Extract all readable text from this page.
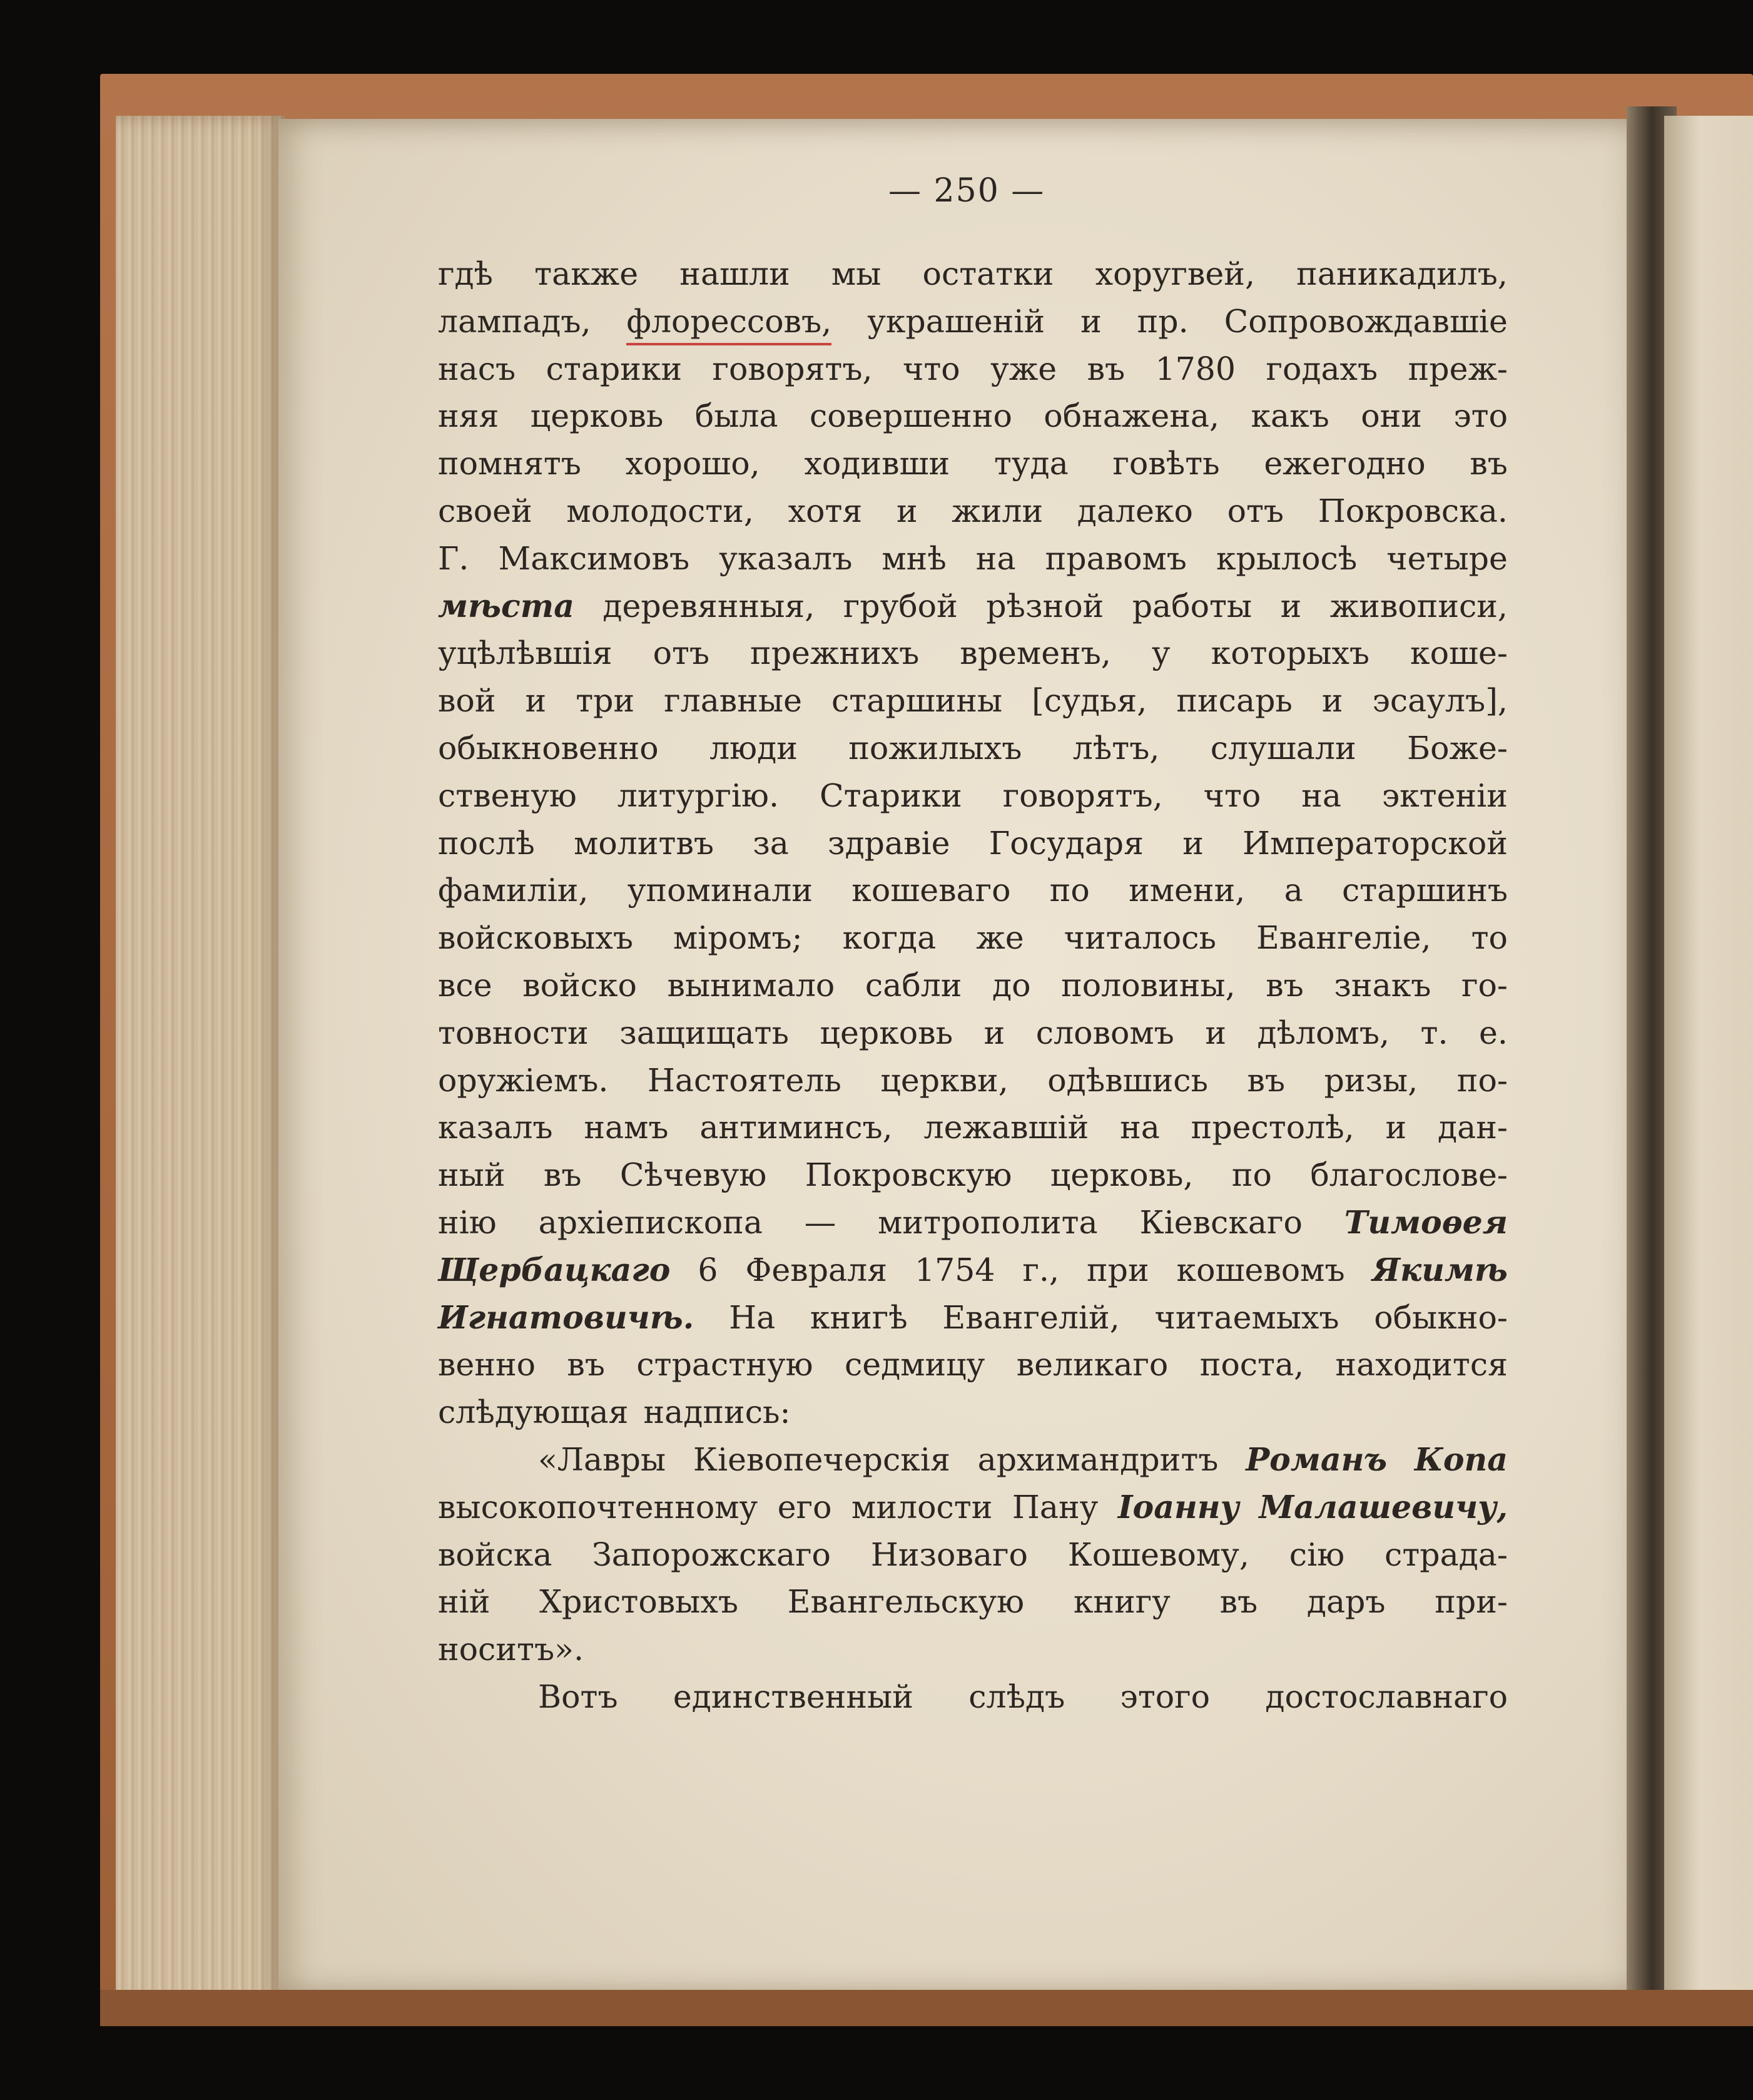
— 250 —
гдѣ также нашли мы остатки хоругвей, паникадилъ,
лампадъ, флорессовъ, украшеній и пр. Сопровождавшіе
насъ старики говорятъ, что уже въ 1780 годахъ преж-
няя церковь была совершенно обнажена, какъ они это
помнятъ хорошо, ходивши туда говѣть ежегодно въ
своей молодости, хотя и жили далеко отъ Покровска.
Г. Максимовъ указалъ мнѣ на правомъ крылосѣ четыре
мѣста деревянныя, грубой рѣзной работы и живописи,
уцѣлѣвшія отъ прежнихъ временъ, у которыхъ коше-
вой и три главные старшины [судья, писарь и эсаулъ],
обыкновенно люди пожилыхъ лѣтъ, слушали Боже-
ственую литургію. Старики говорятъ, что на эктеніи
послѣ молитвъ за здравіе Государя и Императорской
фамиліи, упоминали кошеваго по имени, а старшинъ
войсковыхъ міромъ; когда же читалось Евангеліе, то
все войско вынимало сабли до половины, въ знакъ го-
товности защищать церковь и словомъ и дѣломъ, т. е.
оружіемъ. Настоятель церкви, одѣвшись въ ризы, по-
казалъ намъ антиминсъ, лежавшій на престолѣ, и дан-
ный въ Сѣчевую Покровскую церковь, по благослове-
нію архіепископа — митрополита Кіевскаго Тимоѳея
Щербацкаго 6 Февраля 1754 г., при кошевомъ Якимѣ
Игнатовичѣ. На книгѣ Евангелій, читаемыхъ обыкно-
венно въ страстную седмицу великаго поста, находится
слѣдующая надпись:
«Лавры Кіевопечерскія архимандритъ Романъ Копа
высокопочтенному его милости Пану Іоанну Малашевичу,
войска Запорожскаго Низоваго Кошевому, сію страда-
ній Христовыхъ Евангельскую книгу въ даръ при-
носитъ».
Вотъ единственный слѣдъ этого достославнаго
